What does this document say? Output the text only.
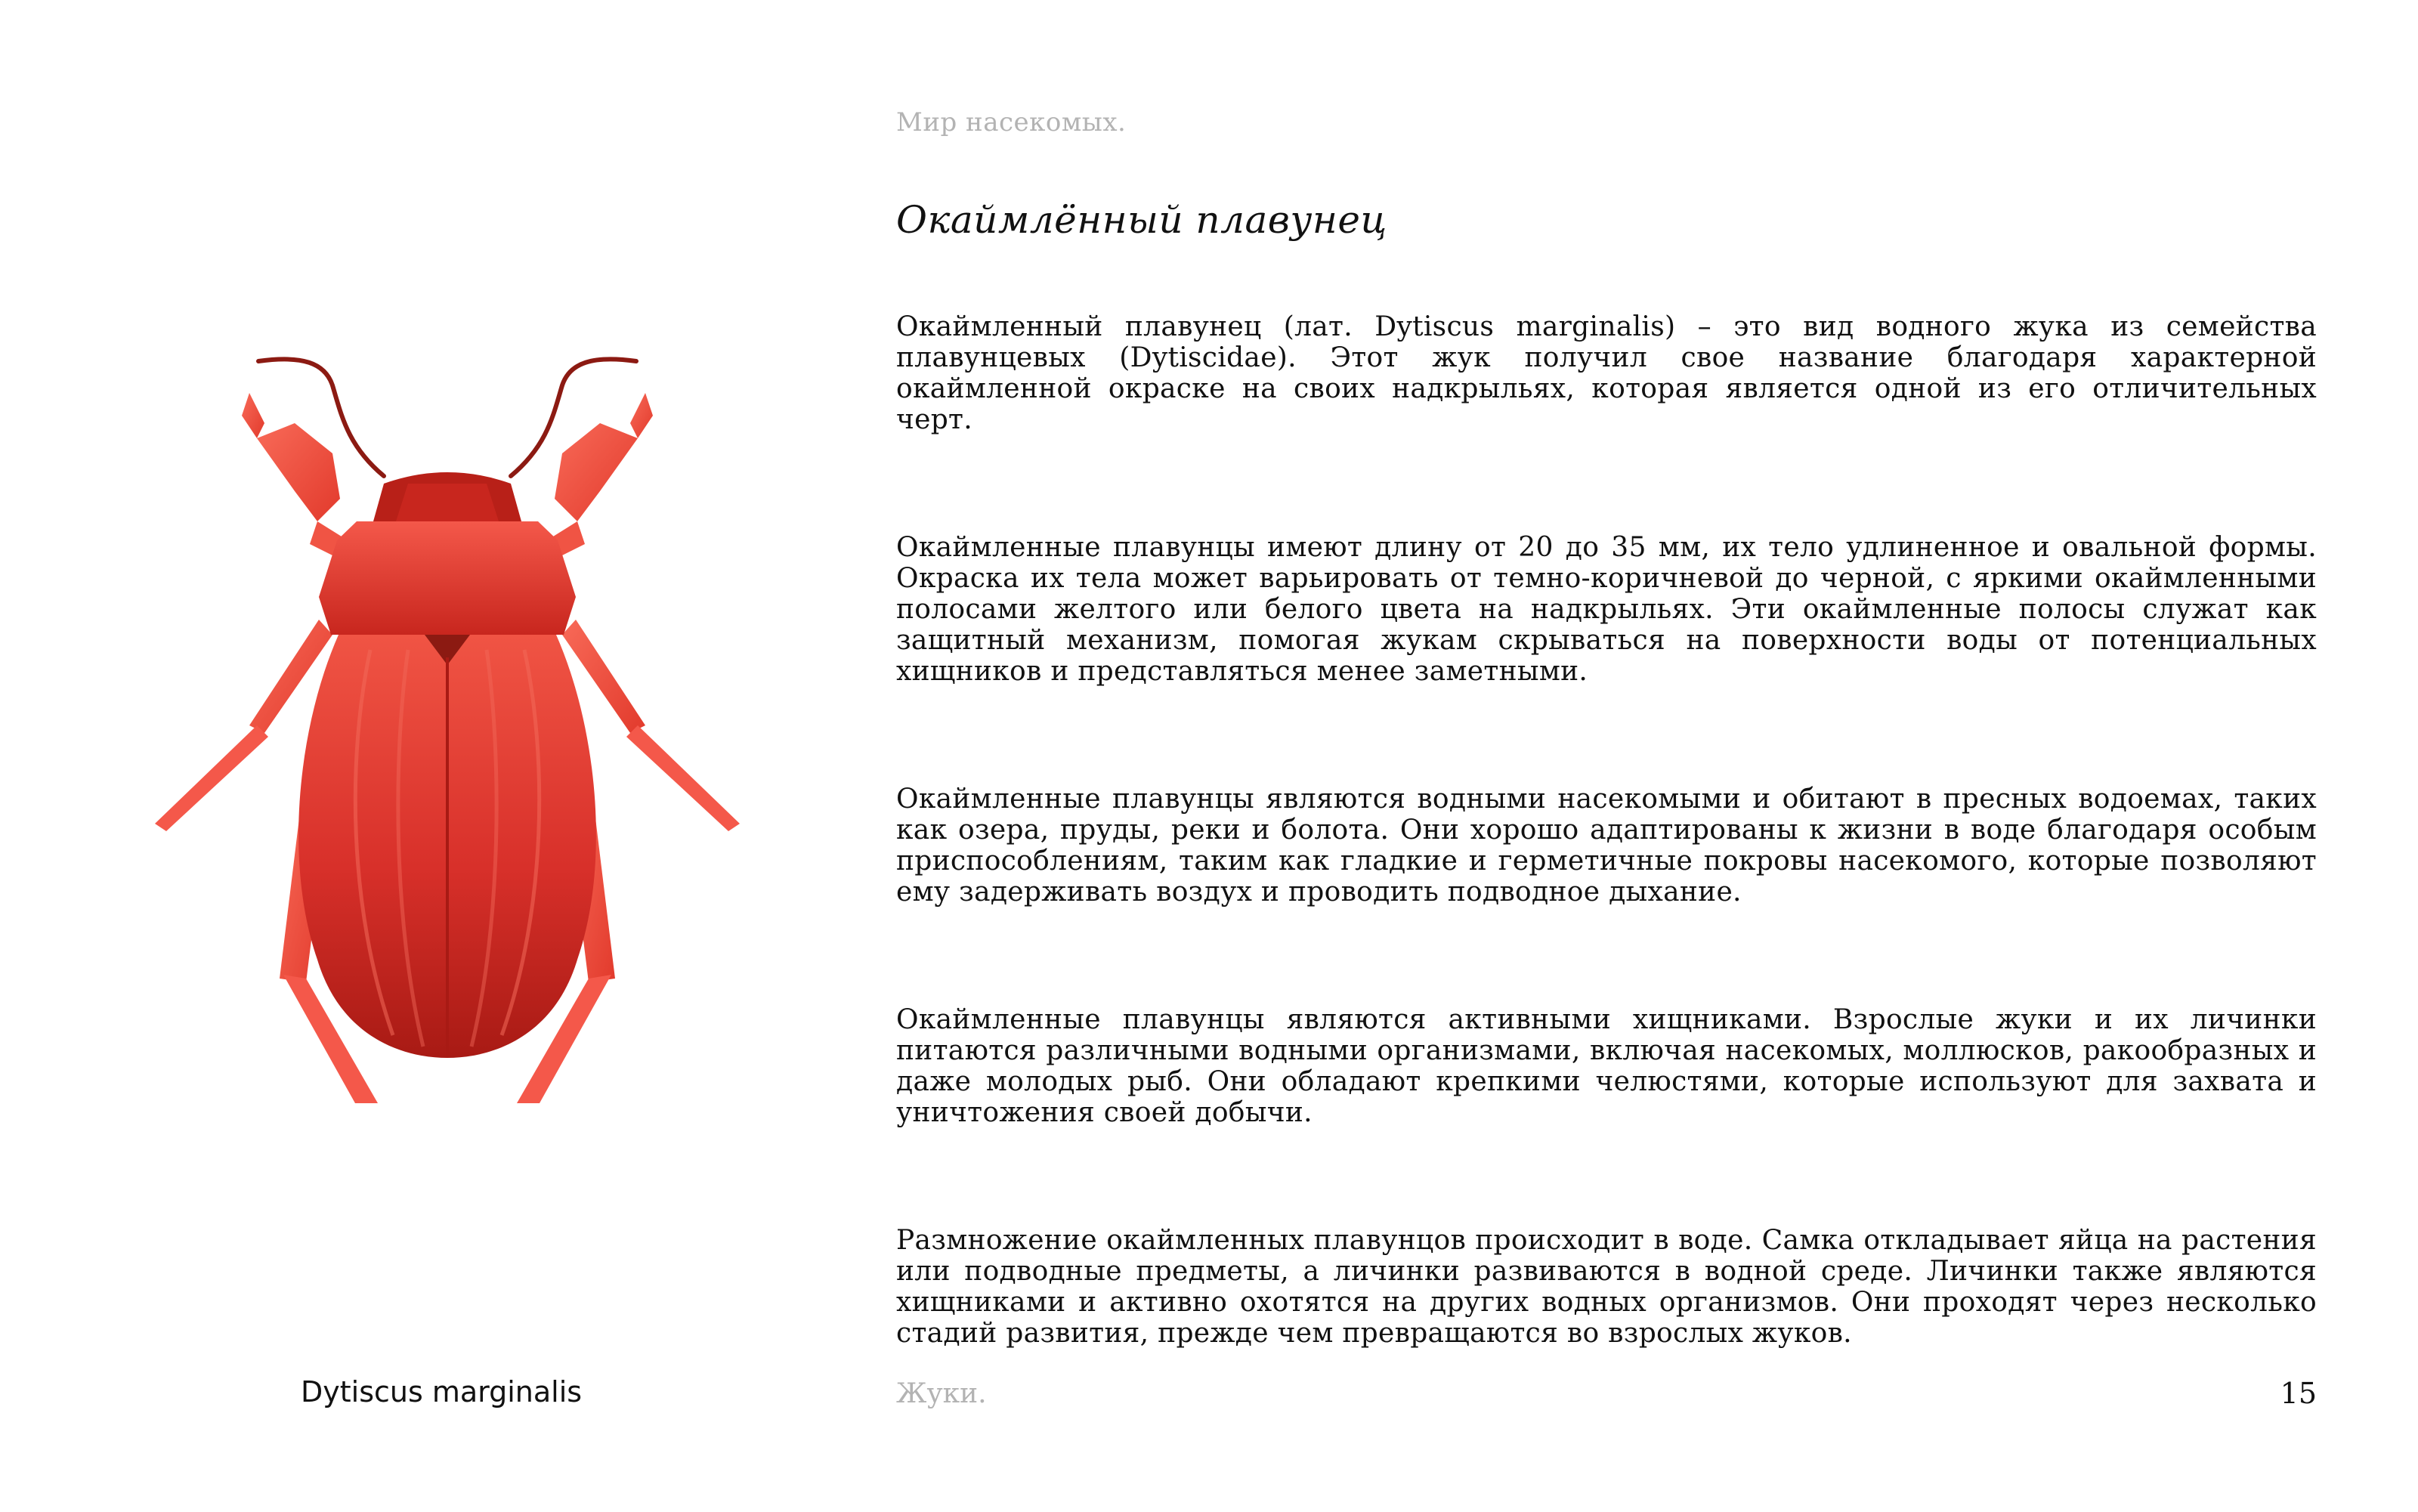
Мир насекомых.
Окаймлённый плавунец

Окаймленный плавунец (лат. Dytiscus marginalis) – это вид водного жука из семейства плавунцевых (Dytiscidae). Этот жук получил свое название благодаря характерной окаймленной окраске на своих надкрыльях, которая является одной из его отличительных черт.

Окаймленные плавунцы имеют длину от 20 до 35 мм, их тело удлиненное и овальной формы. Окраска их тела может варьировать от темно-коричневой до черной, с яркими окаймленными полосами желтого или белого цвета на надкрыльях. Эти окаймленные полосы служат как защитный механизм, помогая жукам скрываться на поверхности воды от потенциальных хищников и представляться менее заметными.

Окаймленные плавунцы являются водными насекомыми и обитают в пресных водоемах, таких как озера, пруды, реки и болота. Они хорошо адаптированы к жизни в воде благодаря особым приспособлениям, таким как гладкие и герметичные покровы насекомого, которые позволяют ему задерживать воздух и проводить подводное дыхание.

Окаймленные плавунцы являются активными хищниками. Взрослые жуки и их личинки питаются различными водными организмами, включая насекомых, моллюсков, ракообразных и даже молодых рыб. Они обладают крепкими челюстями, которые используют для захвата и уничтожения своей добычи.

Размножение окаймленных плавунцов происходит в воде. Самка откладывает яйца на растения или подводные предметы, а личинки развиваются в водной среде. Личинки также являются хищниками и активно охотятся на других водных организмов. Они проходят через несколько стадий развития, прежде чем превращаются во взрослых жуков.

Dytiscus marginalis	Жуки.	15
